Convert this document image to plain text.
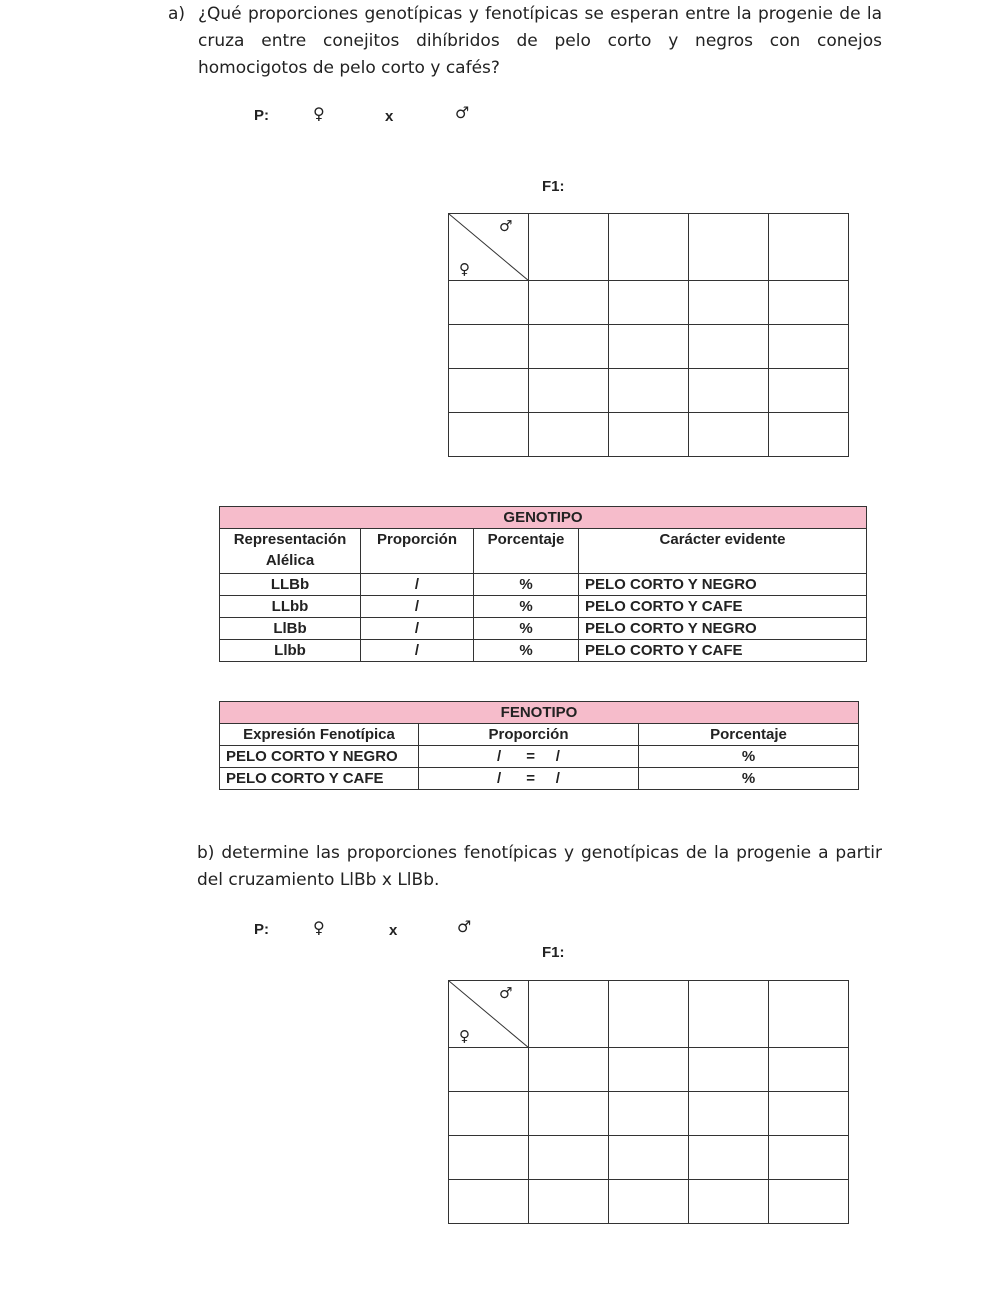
a) ¿Qué proporciones genotípicas y fenotípicas se esperan entre la progenie de la cruza entre conejitos dihíbridos de pelo corto y negros con conejos homocigotos de pelo corto y cafés?
P:	♀	x	♂
F1:
♂
♀				

GENOTIPO			
Representación Alélica	Proporción	Porcentaje	Carácter evidente
LLBb	/	%	PELO CORTO Y NEGRO
LLbb	/	%	PELO CORTO Y CAFE
LlBb	/	%	PELO CORTO Y NEGRO
Llbb	/	%	PELO CORTO Y CAFE
FENOTIPO		
Expresión Fenotípica	Proporción	Porcentaje
PELO CORTO Y NEGRO	/      =     /	%
PELO CORTO Y CAFE	/      =     /	%
b) determine las proporciones fenotípicas y genotípicas de la progenie a partir del cruzamiento LlBb x LlBb.
P:	♀	x	♂
F1:
♂
♀				
